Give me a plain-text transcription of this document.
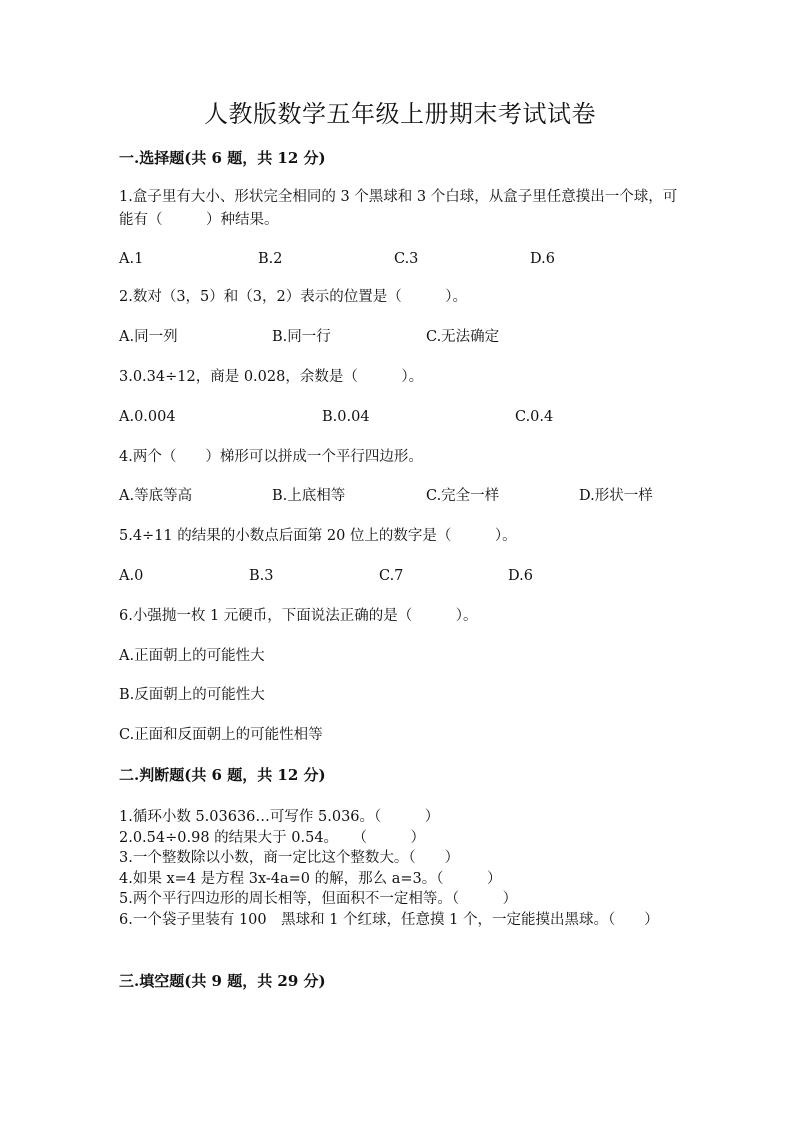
人教版数学五年级上册期末考试试卷
一.选择题(共 6 题，共 12 分)
1.盒子里有大小、形状完全相同的 3 个黑球和 3 个白球，从盒子里任意摸出一个球，可能有（　　　）种结果。
A.1	B.2	C.3	D.6
2.数对（3，5）和（3，2）表示的位置是（　　　）。
A.同一列	B.同一行	C.无法确定
3.0.34÷12，商是 0.028，余数是（　　　）。
A.0.004	B.0.04	C.0.4
4.两个（　　）梯形可以拼成一个平行四边形。
A.等底等高	B.上底相等	C.完全一样	D.形状一样
5.4÷11 的结果的小数点后面第 20 位上的数字是（　　　）。
A.0	B.3	C.7	D.6
6.小强抛一枚 1 元硬币，下面说法正确的是（　　　）。
A.正面朝上的可能性大
B.反面朝上的可能性大
C.正面和反面朝上的可能性相等
二.判断题(共 6 题，共 12 分)
1.循环小数 5.03636…可写作 5.036。（　　　）
2.0.54÷0.98 的结果大于 0.54。　　（　　　）
3.一个整数除以小数，商一定比这个整数大。（　　）
4.如果 x=4 是方程 3x-4a=0 的解，那么 a=3。（　　　）
5.两个平行四边形的周长相等，但面积不一定相等。（　　　）
6.一个袋子里装有 100　黑球和 1 个红球，任意摸 1 个，一定能摸出黑球。（　　）
三.填空题(共 9 题，共 29 分)
